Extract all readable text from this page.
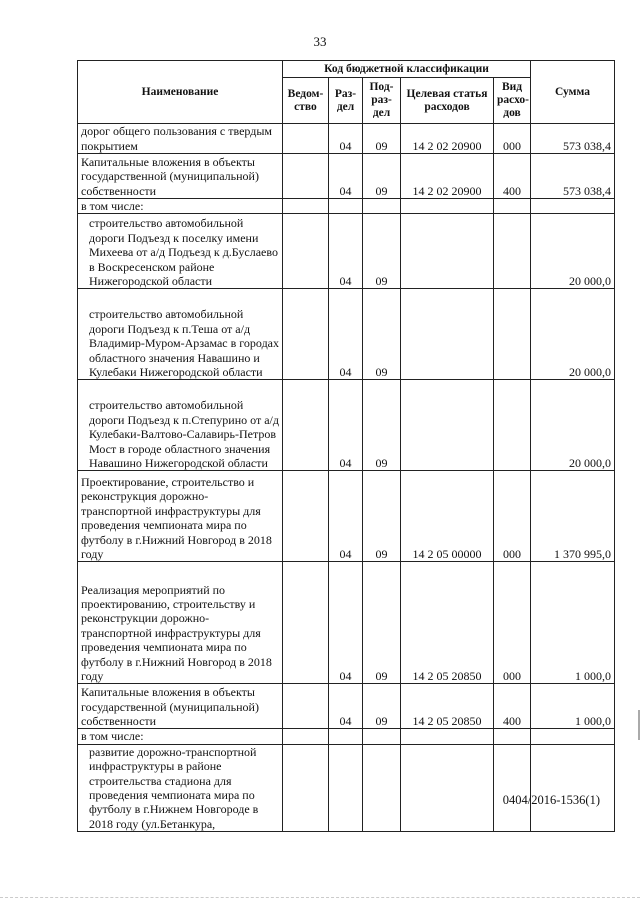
33
Наименование	Код бюджетной классификации					Сумма
	Ведом-ство	Раз-дел	Под-раз-дел	Целевая статья расходов	Вид расхо-дов	
дорог общего пользования с твердым покрытием		04	09	14 2 02 20900	000	573 038,4
Капитальные вложения в объекты государственной (муниципальной) собственности		04	09	14 2 02 20900	400	573 038,4
в том числе:						
строительство автомобильной дороги Подъезд к поселку имени Михеева от а/д Подъезд к д.Буслаево в Воскресенском районе Нижегородской области		04	09			20 000,0
строительство автомобильной дороги Подъезд к п.Теша от а/д Владимир-Муром-Арзамас в городах областного значения Навашино и Кулебаки Нижегородской области		04	09			20 000,0
строительство автомобильной дороги Подъезд к п.Степурино от а/д Кулебаки-Валтово-Салавирь-Петров Мост в городе областного значения Навашино Нижегородской области		04	09			20 000,0
Проектирование, строительство и реконструкция дорожно-транспортной инфраструктуры для проведения чемпионата мира по футболу в г.Нижний Новгород в 2018 году		04	09	14 2 05 00000	000	1 370 995,0
Реализация мероприятий по проектированию, строительству и реконструкции дорожно-транспортной инфраструктуры для проведения чемпионата мира по футболу в г.Нижний Новгород в 2018 году		04	09	14 2 05 20850	000	1 000,0
Капитальные вложения в объекты государственной (муниципальной) собственности		04	09	14 2 05 20850	400	1 000,0
в том числе:						
развитие дорожно-транспортной инфраструктуры в районе строительства стадиона для проведения чемпионата мира по футболу в г.Нижнем Новгороде в 2018 году (ул.Бетанкура,						
0404/2016-1536(1)
